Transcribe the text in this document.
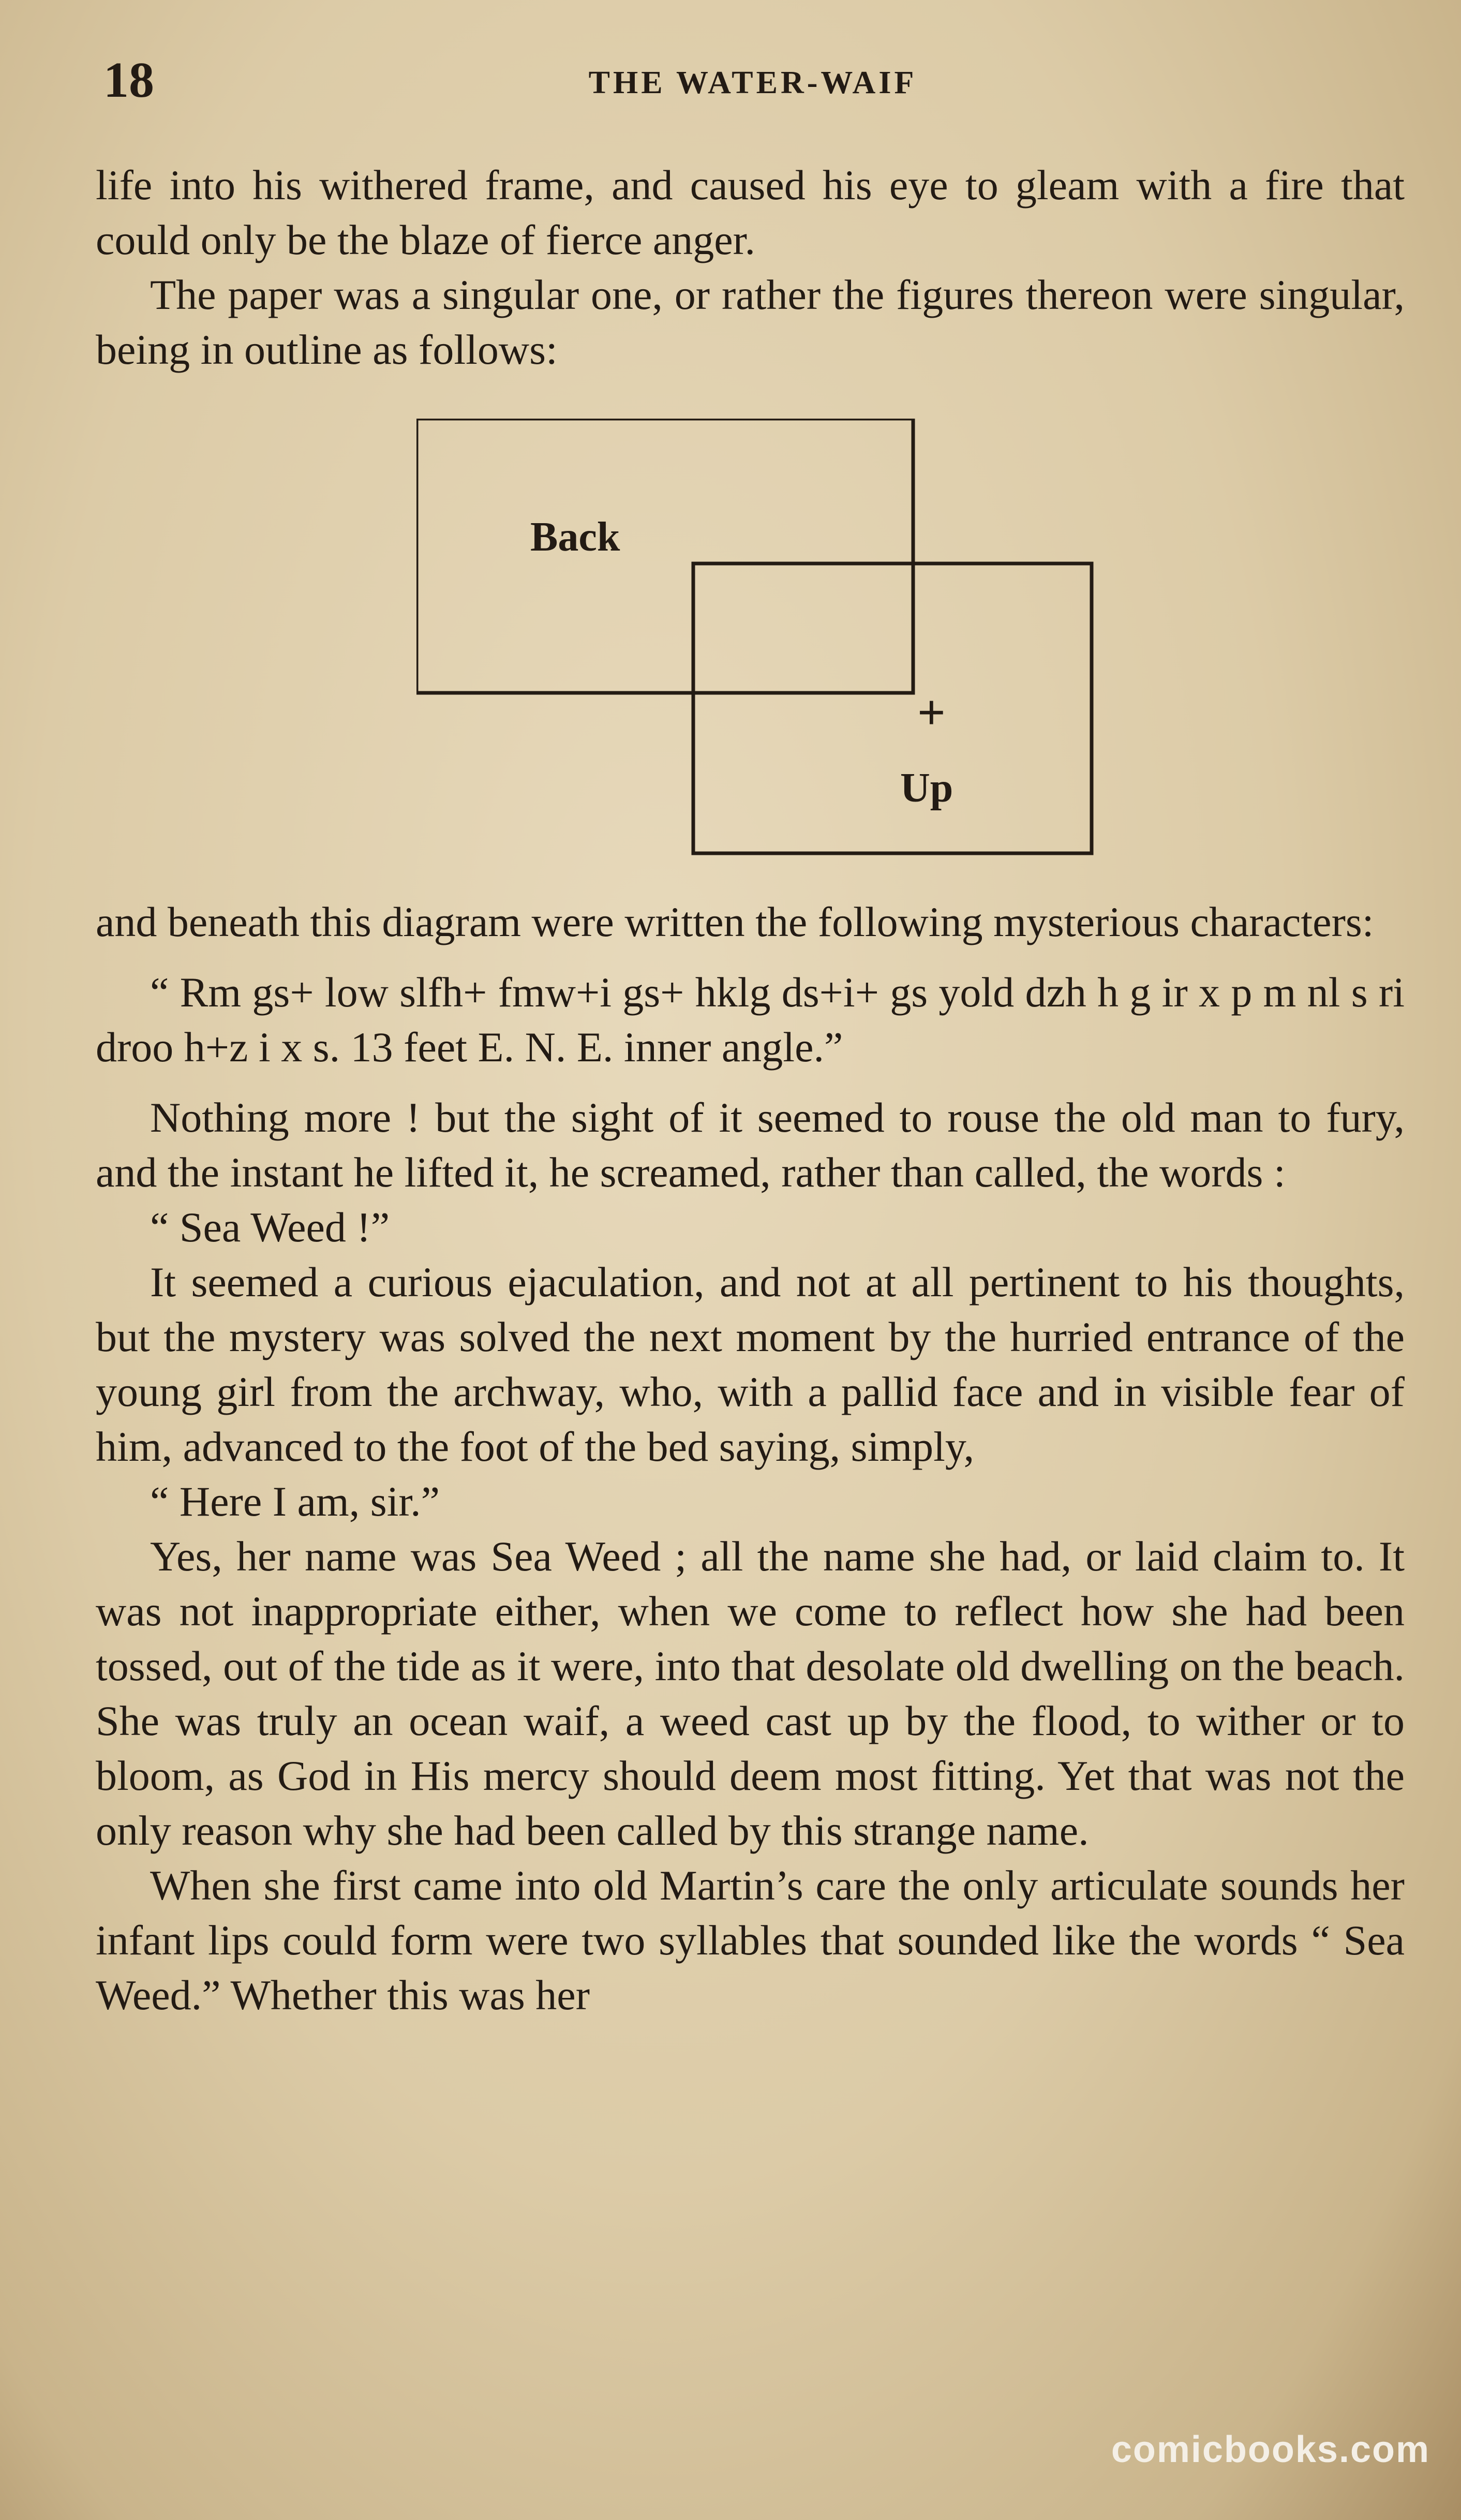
18	THE WATER-WAIF

life into his withered frame, and caused his eye to gleam with a fire that could only be the blaze of fierce anger.

The paper was a singular one, or rather the figures thereon were singular, being in outline as follows:

Back
+
Up

and beneath this diagram were written the following mysterious characters:

“ Rm gs+ low slfh+ fmw+i gs+ hklg ds+i+ gs yold dzh h g ir x p m nl s ri droo h+z i x s. 13 feet E. N. E. inner angle.”

Nothing more ! but the sight of it seemed to rouse the old man to fury, and the instant he lifted it, he screamed, rather than called, the words :

“ Sea Weed !”

It seemed a curious ejaculation, and not at all pertinent to his thoughts, but the mystery was solved the next moment by the hurried entrance of the young girl from the archway, who, with a pallid face and in visible fear of him, advanced to the foot of the bed saying, simply,

“ Here I am, sir.”

Yes, her name was Sea Weed ; all the name she had, or laid claim to. It was not inappropriate either, when we come to reflect how she had been tossed, out of the tide as it were, into that desolate old dwelling on the beach. She was truly an ocean waif, a weed cast up by the flood, to wither or to bloom, as God in His mercy should deem most fitting. Yet that was not the only reason why she had been called by this strange name.

When she first came into old Martin’s care the only articulate sounds her infant lips could form were two syllables that sounded like the words “ Sea Weed.” Whether this was her

comicbooks.com
